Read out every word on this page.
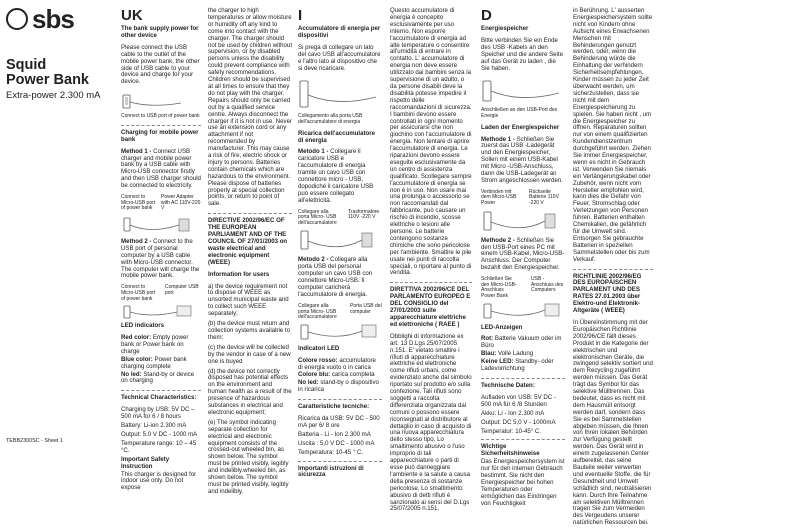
sbs
Squid
Power Bank
Extra-power 2.300 mA
TEBB2300SC - Sheet 1
UK

The bank supply power for other device

Please connect the USB cable to the outlet of the mobile power bank, the other side of USB cable to your device and charge for your device.

Connect to USB port of power bank

Charging for mobile power bank

Method 1 - Connect USB charger and mobile power bank by a USB cable with Micro-USB connector firstly and then USB charger should be connected to electricity.

Connect to Micro-USB port of power bank
Power Adapter with AC 110V-220 V

Method 2 - Connect to the USB port of personal computer by a USB cable with Micro-USB connector. The computer will charge the mobile power bank.

Connect to Micro-USB port of power bank
Computer USB port

LED indicators

Red color: Empty power bank or Power bank on charge

Blue color: Power bank charging complete

No led: Stand-by or device on charging

Technical Characteristics:

Charging by USB: 5V DC – 500 mA for 6 / 8 hours

Battery: Li-ion 2.300 mA

Output: 5.0 V DC - 1000 mA

Temperature range: 10 – 45 °C.

Important Safety Instruction

This charger is designed for indoor use only. Do not expose

the charger to high temperatures or allow moisture or humidity off any kind to come into contact with the charger. The charger should not be used by children without supervision, or by disabled persons unless the disability could prevent compliance with safety recommendations. Children should be supervised at all times to ensure that they do not play with the charger. Repairs should only be carried out by a qualified service centre. Always disconnect the charger if it is not in use. Never use an extension cord or any attachment if not recommended by manufacturer. This may cause a risk of fire, electric shock or injury to persons. Batteries contain chemicals which are hazardous to the environment. Please dispose of batteries properly at special collection points, or return to point of sale.

DIRECTIVE 2002/96/EC OF THE EUROPEAN PARLIAMENT AND OF THE COUNCIL OF 27/01/2003 on waste electrical and electronic equipment (WEEE)

Information for users

a) the device requirement not to dispose of WEEE as unsorted municipal waste and to collect such WEEE separately;

(b) the device must return and collection systems available to them;

(c) the device will be collected by the vendor in case of a new one is buyed

(d) the device not correctly disposed has potential effects on the environment and human health as a result of the presence of hazardous substances in electrical and electronic equipment;

(e) The symbol indicating separate collection for electrical and electronic equipment consists of the crossed-out wheeled bin, as shown below. The symbol must be printed visibly, legibly and indelibly.wheeled bin, as shown below. The symbol must be printed visibly, legibly and indelibly.

I

Accumulatore di energia per dispositivi

Si prega di collegare un lato del cavo USB all'accumulatore e l'altro lato al dispositivo che si deve ricaricare.

Collegamento alla porta USB dell'accumulatore di energia

Ricarica dell'accumulatore di energia

Metodo 1 - Collegare il caricatore USB e l'accumulatore di energia tramite un cavo USB con connettore micro - USB, dopodiché il caricatore USB può essere collegato all'elettricità.

Collegare alla porta Micro- USB dell'accumulatore
Trasformatore 110V -220 V

Metodo 2 - Collegare alla porta USB del personal computer un cavo USB con connettore Micro-USB. Il computer caricherà l'accumulatore di energia.

Collegare alla porta Micro- USB dell'accumulatore
Porta USB del computer

Indicatori LED

Colore rosso: accumulatore di energia vuoto o in carica

Colore blu: carica completa

No led: stand-by o dispositivo in ricarica

Caratteristiche tecniche:

Ricarica da USB: 5V DC - 500 mA per 6/ 8 ore

Batteria - Li - Ion 2.300 mA

Uscita : 5,0 V DC - 1000 mA

Temperatura: 10-45 ° C.

Importanti istruzioni di sicurezza

Questo accumulatore di energia è concepito esclusivamente per uso interno. Non esporre l'accumulatore di energia ad alte temperature o consentire all'umidità di entrare in contatto. L' accumulatore di energia non deve essere utilizzato dai bambini senza la supervisione di un adulto, o da persone disabili deve la disabilità potesse impedire il rispetto delle raccomandazioni di sicurezza. I bambini devono essere controllati in ogni momento per assicurarsi che non giochino con l'accumulatore di energia. Non tentare di aprire l'accumulatore di energia. Le riparazioni devono essere eseguite esclusivamente da un centro di assistenza qualificato. Scollegare sempre l'accumulatore di energia se non è in uso. Non usare mai una prolunga o accessorio se non raccomandati dal fabbricante, può causare un rischio di incendio, scosse elettriche o lesioni alle persone. Le batterie contengono sostanze chimiche che sono pericolose per l'ambiente. Smaltire le pile usate nei punti di raccolta speciali, o riportare al punto di vendita.

DIRETTIVA 2002/96/CE DEL PARLAMENTO EUROPEO E DEL CONSIGLIO del 27/01/2003 sulle apparecchiature elettriche ed elettroniche ( RAEE )

Obblighi di informazione ex art. 13 D.Lgs 25/07/2005 n.151. E' vietato smaltire i rifiuti di apparecchiature elettriche ed elettroniche come rifiuti urbani, come evidenziato anche dal simbolo riportato sul prodotto e/o sulla confezione. Tali rifiuti sono soggetti a raccolta differenziata organizzata dai comuni o possono essere riconsegnati al distributore al dettaglio in caso di acquisto di una nuova apparecchiatura dello stesso tipo. Lo smaltimento abusivo o l'uso improprio di tali apparecchiature o parti di esse può danneggiare l'ambiente e la salute a causa della presenza di sostanze pericolose. Lo smaltimento abusivo di detti rifiuti è sanzionato ai sensi del D.Lgs 25/07/2005 n.151.

D

Energiespeicher

Bitte verbinden Sie ein Ende des USB -Kabels an den Speicher und die andere Seite auf das Gerät zu laden , die Sie haben.

Anschließen an den USB-Port des Energie

Laden der Energiespeicher

Methode 1 - Schließen Sie zuerst das USB -Ladegerät und den Energiespeicher, Sollen mit einem USB-Kabel mit Micro -USB-Anschluss, dann die USB-Ladegerät an Strom angeschlossen werden.

Verbinden mit dem Micro-USB Power
Rückseite Batterie 110V -220 V

Methode 2 - Schließen Sie den USB-Port eines PC mit einem USB-Kabel, Micro-USB-Anschluss. Der Computer bezahlt den Energiespeicher.

Schließen Sie den Micro-USB-Anschluss Power Bank
USB -Anschluss des Computers

LED-Anzeigen

Rot: Batterie Vakuum oder im Büro

Blau: Volle Ladung

Keine LED: Standby- oder Ladevorrichtung

Technische Daten:

Aufladen von USB: 5V DC - 500 mA für 6 /8 Stunden

Akku: Li - Ion 2.300 mA

Output: DC 5,0 V - 1000mA

Temperatur: 10-45° C.

Wichtige Sicherheitshinweise

Das Energiespeichersystem ist nur für den internen Gebrauch bestimmt. Sie nicht den Energiespeicher bei hohen Temperaturen oder ermöglichen das Eindringen von Feuchtigkeit

in Berührung. L' ausserten Energiespeichersystem sollte nicht von Kindern ohne Aufsicht eines Erwachsenen Menschen mit Behinderungen genutzt werden, oder, wenn die Behinderung würde die Einhaltung der verhindern Sicherheitsempfehlungen. Kinder müssen zu jeder Zeit überwacht werden, um sicherzustellen, dass sie nicht mit dem Energiespeicherung zu spielen. Sie haben nicht , um die Energiespeicher zu öffnen. Reparaturen sollten nur von einem qualifizierten Kundendienstzentrum durchgeführt werden. Ziehen Sie immer Energiespeicher, wenn es nicht in Gebrauch ist. Verwenden Sie niemals ein Verlängerungskabel oder Zubehör, wenn nicht vom Hersteller empfohlen wird, kann dies die Gefahr von Feuer, Stromschlag oder Verletzungen von Personen führen. Batterien enthalten Chemikalien, die gefährlich für die Umwelt sind. Entsorgen Sie gebrauchte Batterien in speziellen Sammelstellen oder bis zum Verkauf.

RICHTLINIE 2002/96/EG DES EUROPÄISCHEN PARLAMENT UND DES RATES 27.01.2003 über Elektro-und Elektronik-Altgeräte ( WEEE)

In Übereinstimmung mit der Europäischen Richtlinie 2002/96/CE fällt dieses Produkt in die Kategorie der elektrischen und elektronischen Geräte, die zwingend selektiv sortiert und dem Recycling zugeführt werden müssen. Das Gerät trägt das Symbol für das selektive Mülltrennen. Das bedeutet, dass es nicht mit dem Hausmüll entsorgt werden darf, sondern dass Sie es bei Sammelstellen abgeben müssen, die Ihnen von Ihren lokalen Behörden zur Verfügung gestellt werden. Das Gerät wird in einem zugelassenen Center aufbereitet, das seine Bauteile weiter verwerten und eventuelle Stoffe, die für Gesundheit und Umwelt schädlich sind, neutralisieren kann. Durch Ihre Teilnahme am selektiven Mülltrennen tragen Sie zum Vermeiden des Vergeudens unserer natürlichen Ressourcen bei.
